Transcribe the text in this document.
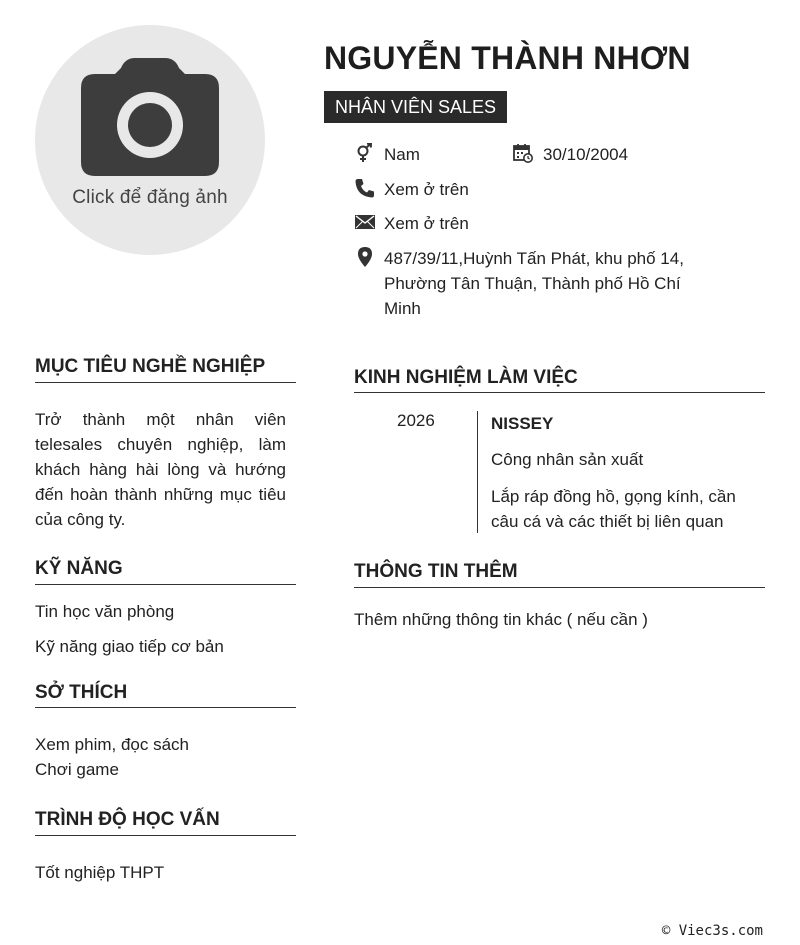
Click để đăng ảnh
NGUYỄN THÀNH NHƠN
NHÂN VIÊN SALES
Nam	30/10/2004
Xem ở trên
Xem ở trên
487/39/11,Huỳnh Tấn Phát, khu phố 14,
Phường Tân Thuận, Thành phố Hồ Chí
Minh
MỤC TIÊU NGHỀ NGHIỆP
Trở thành một nhân viên telesales chuyên nghiệp, làm khách hàng hài lòng và hướng đến hoàn thành những mục tiêu của công ty.
KỸ NĂNG
Tin học văn phòng
Kỹ năng giao tiếp cơ bản
SỞ THÍCH
Xem phim, đọc sách
Chơi game
TRÌNH ĐỘ HỌC VẤN
Tốt nghiệp THPT
KINH NGHIỆM LÀM VIỆC
2026	NISSEY
Công nhân sản xuất
Lắp ráp đồng hồ, gọng kính, cần câu cá và các thiết bị liên quan
THÔNG TIN THÊM
Thêm những thông tin khác ( nếu cần )
© Viec3s.com
